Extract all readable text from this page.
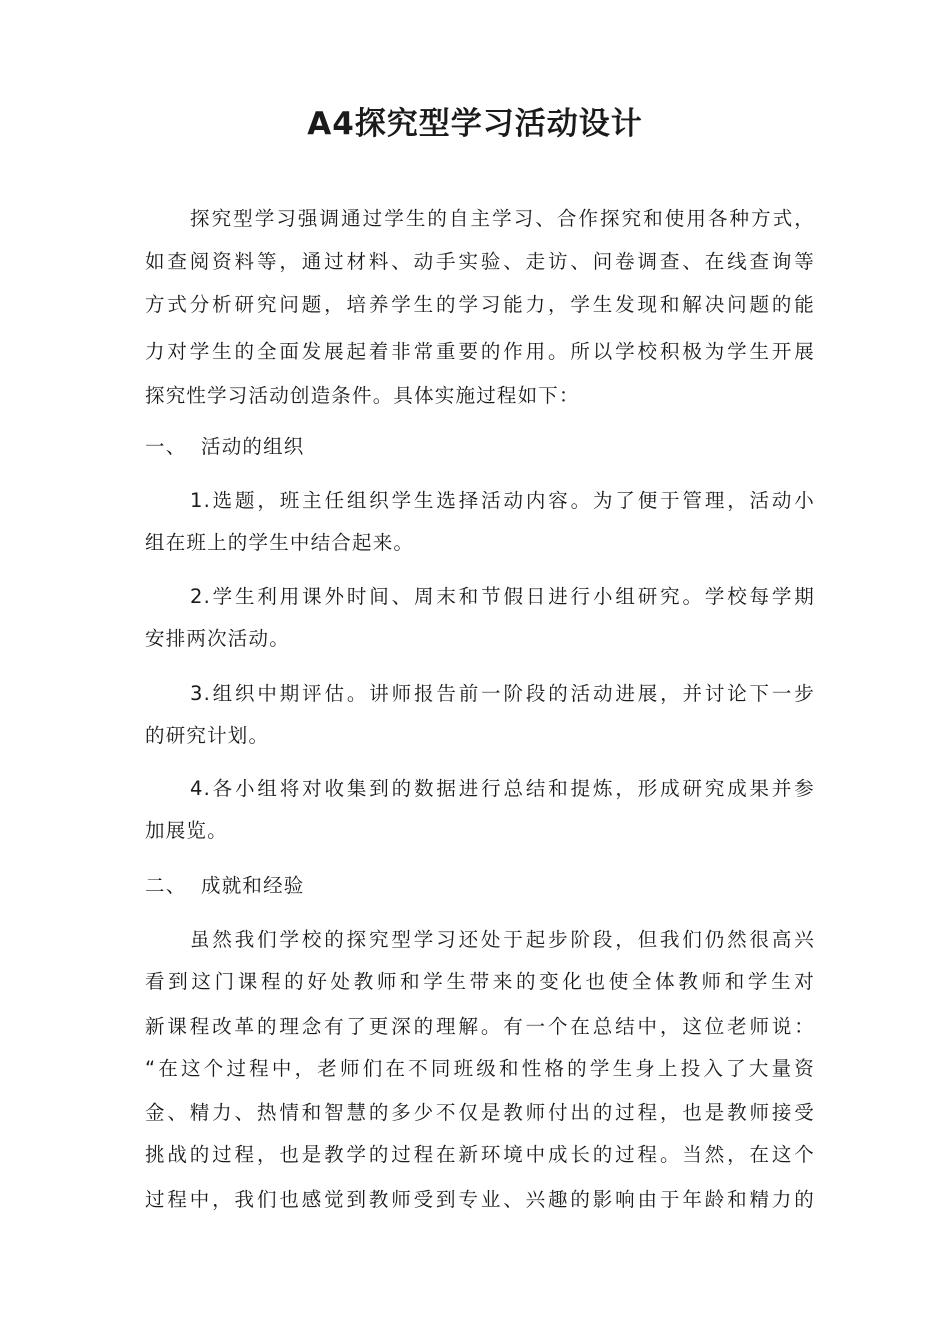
A4探究型学习活动设计
探究型学习强调通过学生的自主学习、合作探究和使用各种方式，
如查阅资料等，通过材料、动手实验、走访、问卷调查、在线查询等
方式分析研究问题，培养学生的学习能力，学生发现和解决问题的能
力对学生的全面发展起着非常重要的作用。所以学校积极为学生开展
探究性学习活动创造条件。具体实施过程如下：
一、 活动的组织
1.选题，班主任组织学生选择活动内容。为了便于管理，活动小
组在班上的学生中结合起来。
2.学生利用课外时间、周末和节假日进行小组研究。学校每学期
安排两次活动。
3.组织中期评估。讲师报告前一阶段的活动进展，并讨论下一步
的研究计划。
4.各小组将对收集到的数据进行总结和提炼，形成研究成果并参
加展览。
二、 成就和经验
虽然我们学校的探究型学习还处于起步阶段，但我们仍然很高兴
看到这门课程的好处教师和学生带来的变化也使全体教师和学生对
新课程改革的理念有了更深的理解。有一个在总结中，这位老师说：
“在这个过程中，老师们在不同班级和性格的学生身上投入了大量资
金、精力、热情和智慧的多少不仅是教师付出的过程，也是教师接受
挑战的过程，也是教学的过程在新环境中成长的过程。当然，在这个
过程中，我们也感觉到教师受到专业、兴趣的影响由于年龄和精力的
